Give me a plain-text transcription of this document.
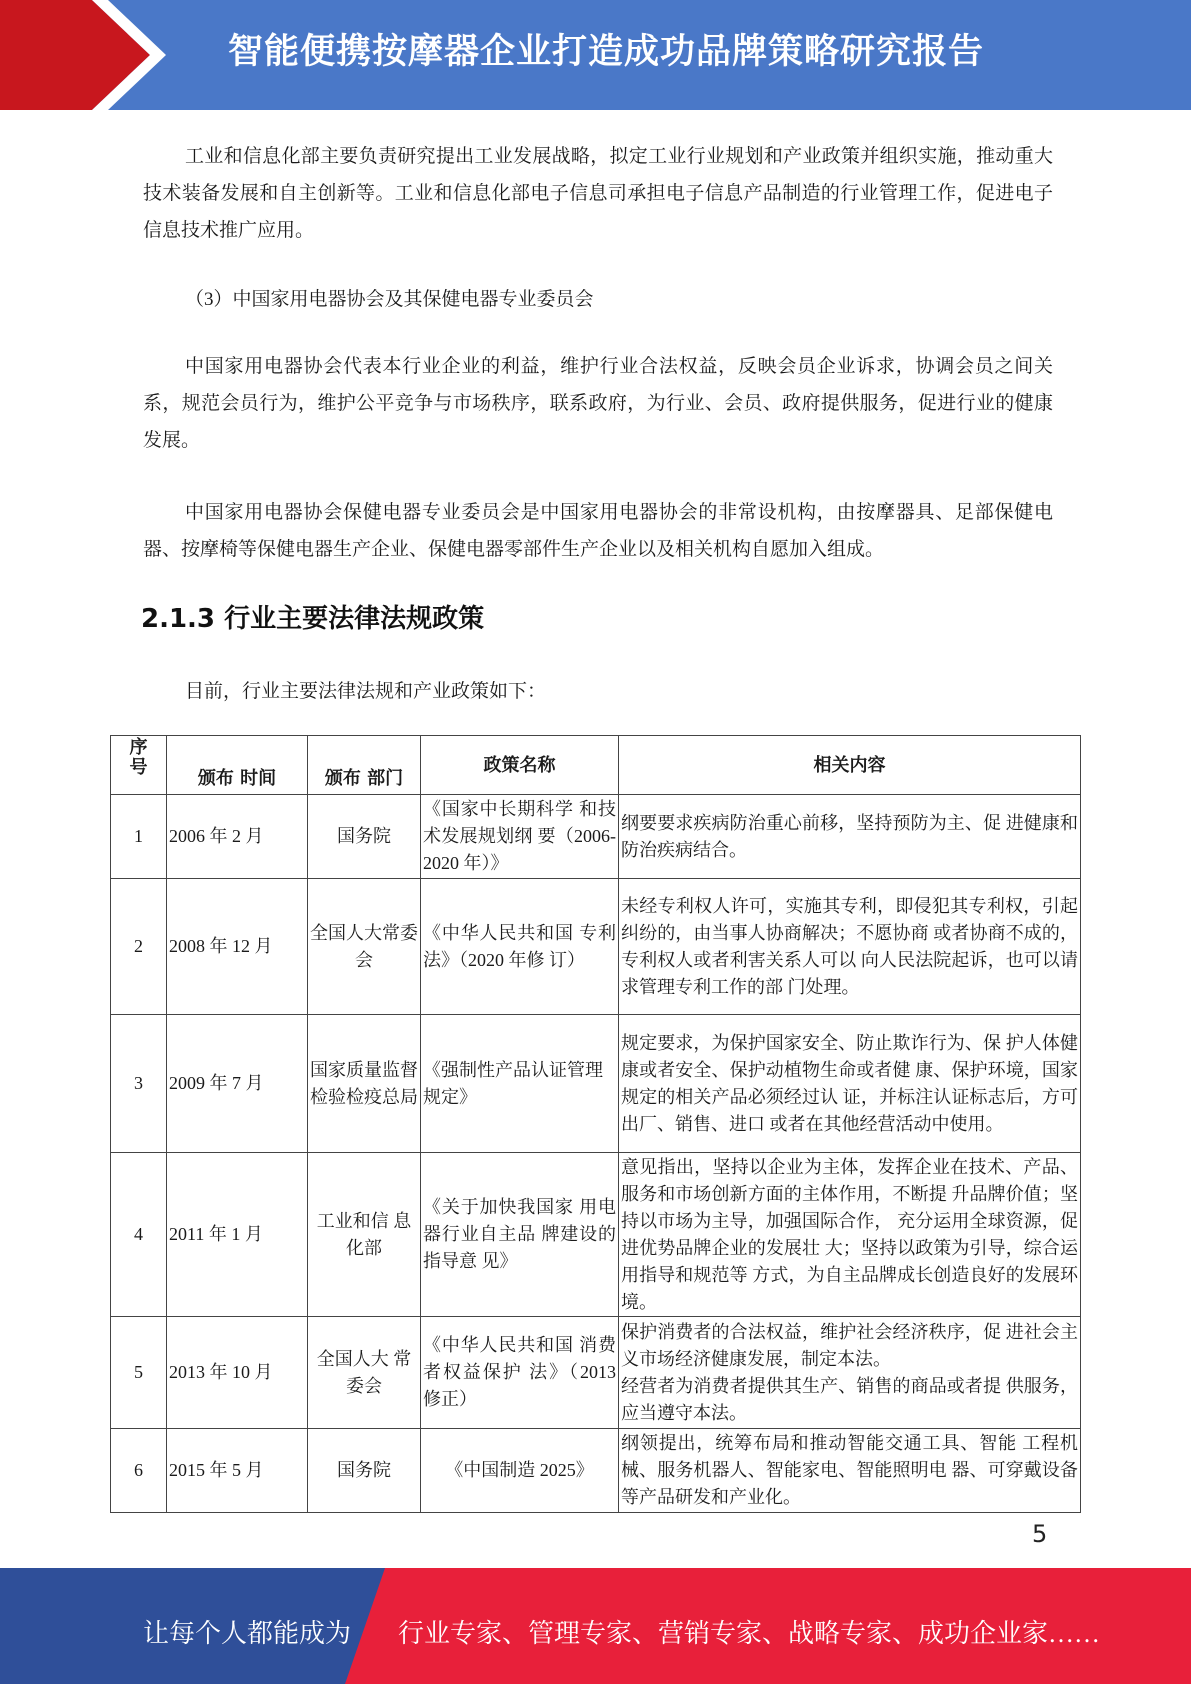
智能便携按摩器企业打造成功品牌策略研究报告

工业和信息化部主要负责研究提出工业发展战略，拟定工业行业规划和产业政策并组织实施，推动重大技术装备发展和自主创新等。工业和信息化部电子信息司承担电子信息产品制造的行业管理工作，促进电子信息技术推广应用。

（3）中国家用电器协会及其保健电器专业委员会

中国家用电器协会代表本行业企业的利益，维护行业合法权益，反映会员企业诉求，协调会员之间关系，规范会员行为，维护公平竞争与市场秩序，联系政府，为行业、会员、政府提供服务，促进行业的健康发展。

中国家用电器协会保健电器专业委员会是中国家用电器协会的非常设机构，由按摩器具、足部保健电器、按摩椅等保健电器生产企业、保健电器零部件生产企业以及相关机构自愿加入组成。

2.1.3 行业主要法律法规政策
目前，行业主要法律法规和产业政策如下：
序号	颁布 时间	颁布 部门	政策名称	相关内容
1	2006 年 2 月	国务院	《国家中长期科学 和技术发展规划纲 要（2006-2020 年）》	纲要要求疾病防治重心前移，坚持预防为主、促 进健康和防治疾病结合。
2	2008 年 12 月	全国人大常委会	《中华人民共和国 专利法》（2020 年修 订）	未经专利权人许可，实施其专利，即侵犯其专利权，引起纠纷的，由当事人协商解决；不愿协商 或者协商不成的，专利权人或者利害关系人可以 向人民法院起诉，也可以请求管理专利工作的部 门处理。
3	2009 年 7 月	国家质量监督检验检疫总局	《强制性产品认证管理规定》	规定要求，为保护国家安全、防止欺诈行为、保 护人体健康或者安全、保护动植物生命或者健 康、保护环境，国家规定的相关产品必须经过认 证，并标注认证标志后，方可出厂、销售、进口 或者在其他经营活动中使用。
4	2011 年 1 月	工业和信 息化部	《关于加快我国家 用电器行业自主品 牌建设的指导意 见》	意见指出，坚持以企业为主体，发挥企业在技术、产品、服务和市场创新方面的主体作用，不断提 升品牌价值；坚持以市场为主导，加强国际合作， 充分运用全球资源，促进优势品牌企业的发展壮 大；坚持以政策为引导，综合运用指导和规范等 方式，为自主品牌成长创造良好的发展环境。
5	2013 年 10 月	全国人大 常委会	《中华人民共和国 消费者权益保护 法》（2013 修正）	保护消费者的合法权益，维护社会经济秩序，促 进社会主义市场经济健康发展，制定本法。
经营者为消费者提供其生产、销售的商品或者提 供服务，应当遵守本法。
6	2015 年 5 月	国务院	《中国制造 2025》	纲领提出，统筹布局和推动智能交通工具、智能 工程机械、服务机器人、智能家电、智能照明电 器、可穿戴设备等产品研发和产业化。
5
让每个人都能成为 行业专家、管理专家、营销专家、战略专家、成功企业家……
